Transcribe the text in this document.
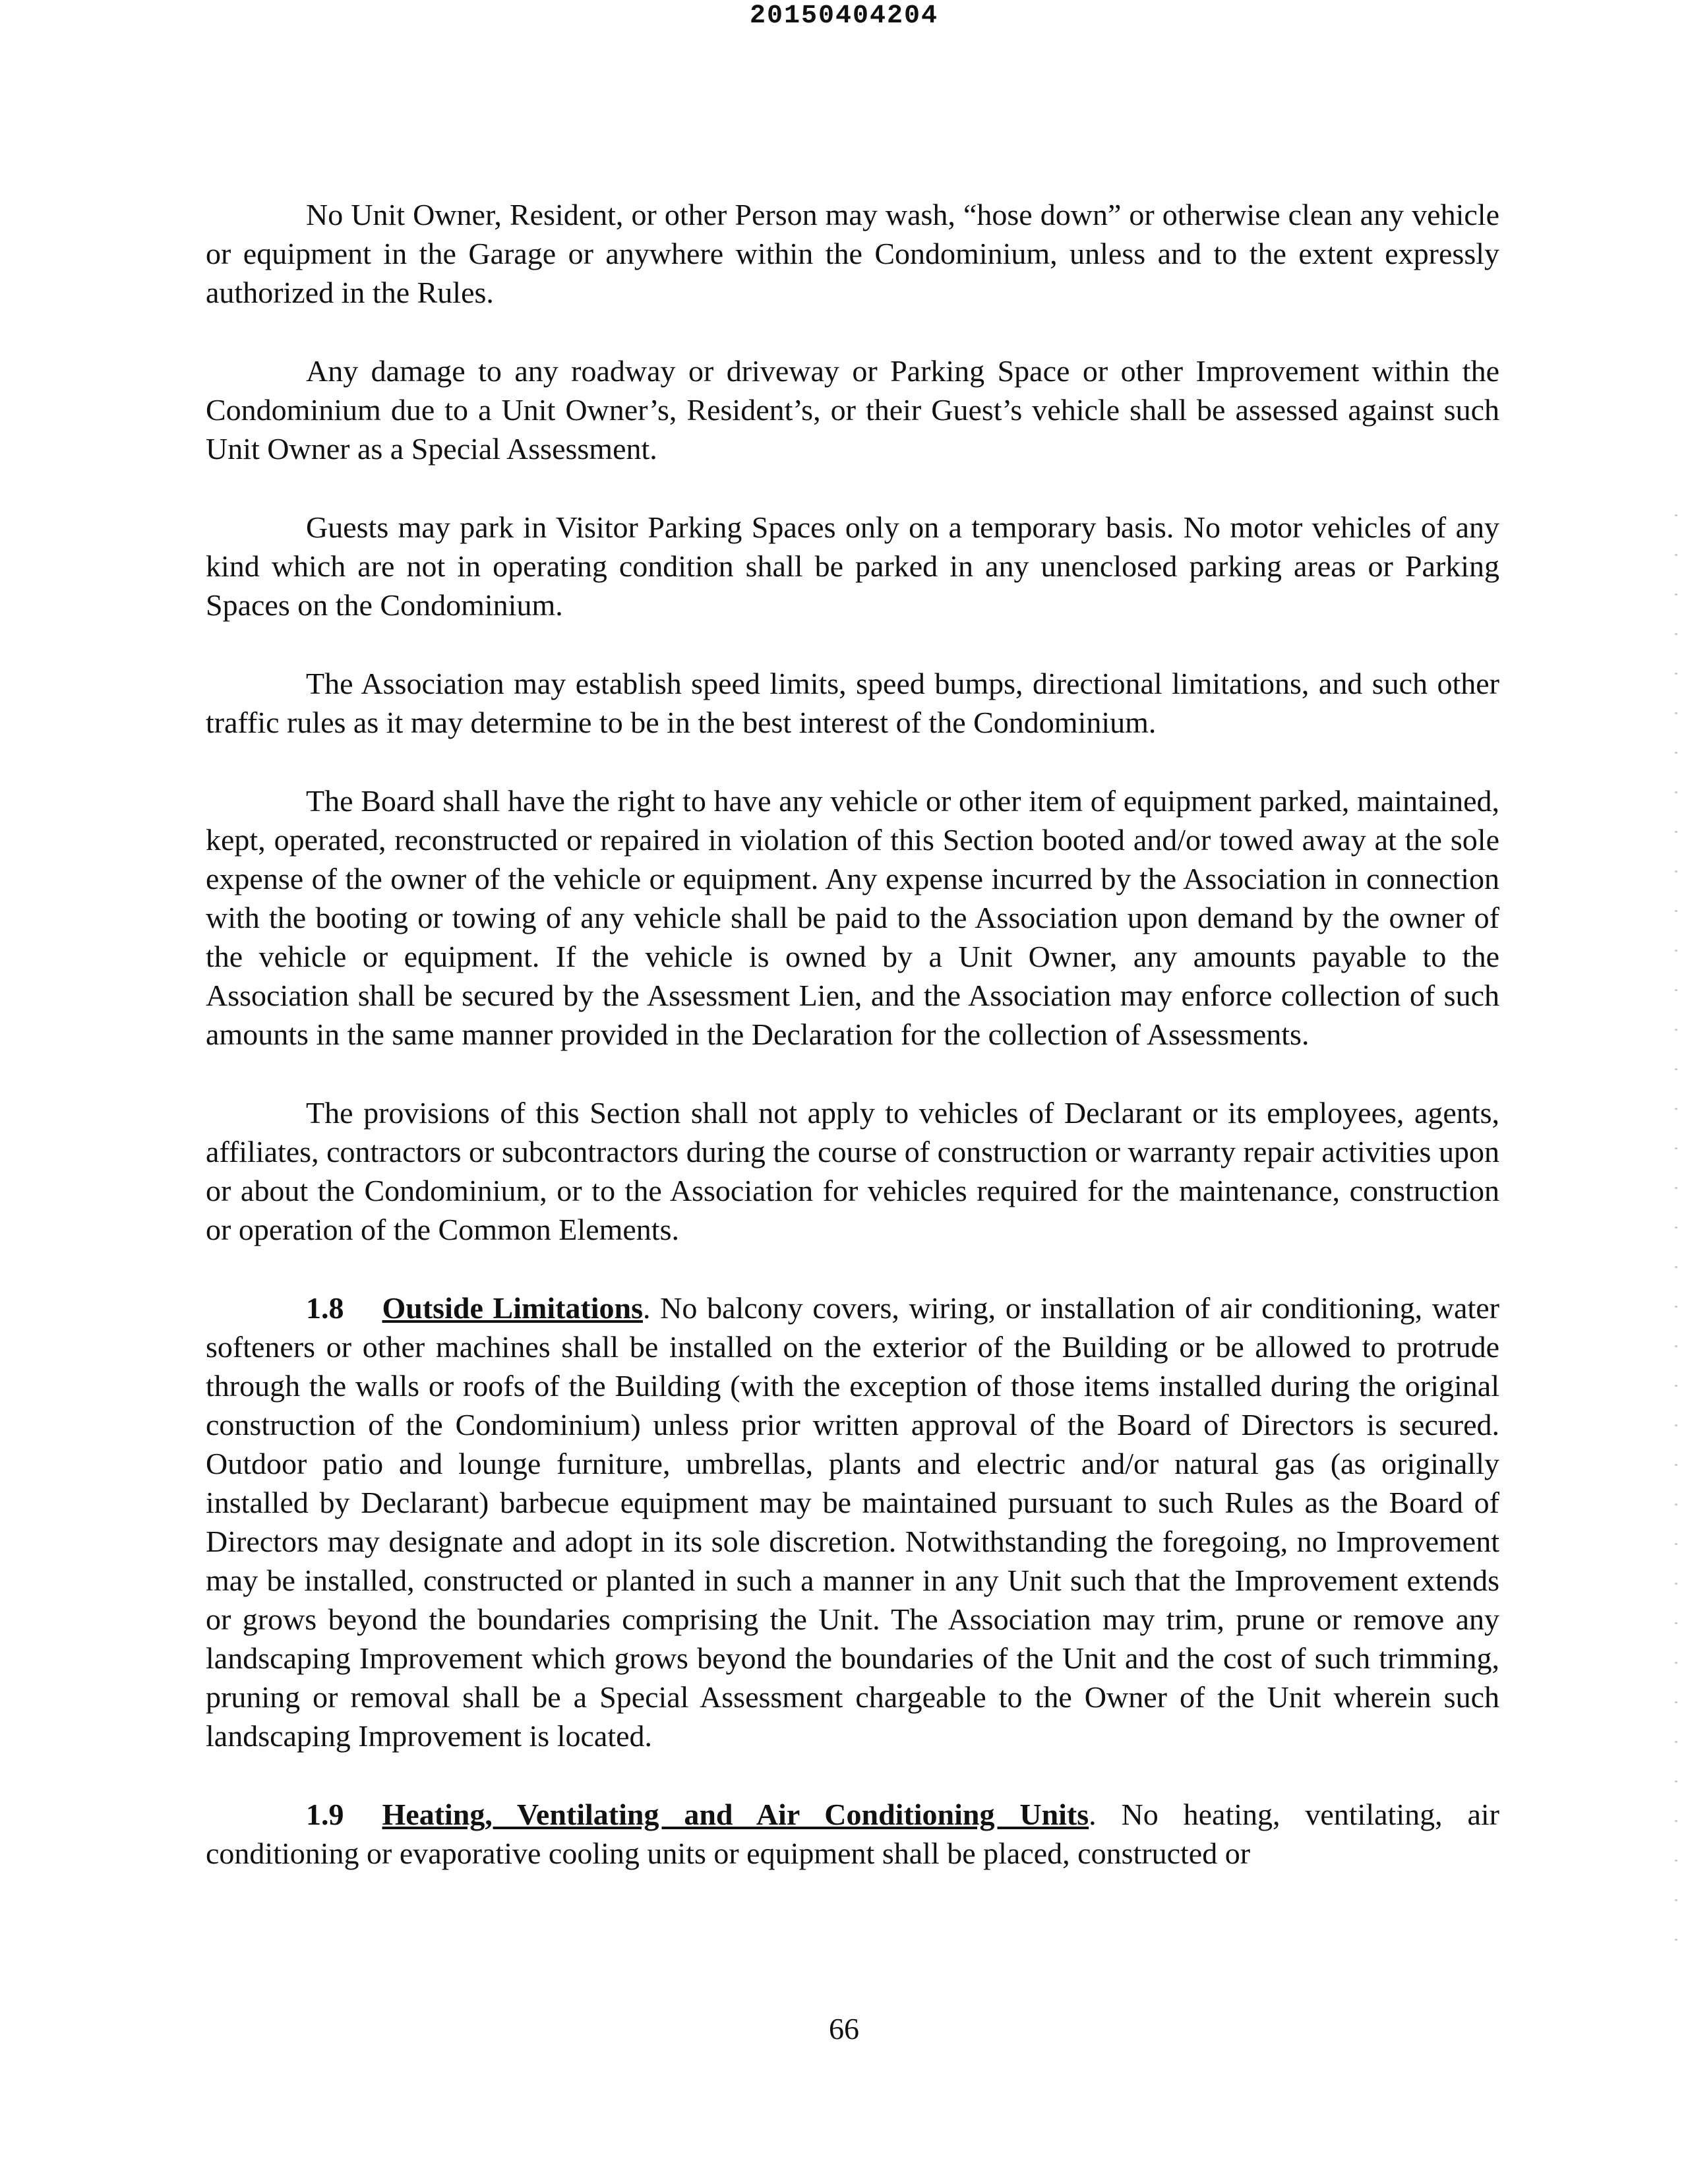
20150404204

No Unit Owner, Resident, or other Person may wash, “hose down” or otherwise clean any vehicle or equipment in the Garage or anywhere within the Condominium, unless and to the extent expressly authorized in the Rules.

Any damage to any roadway or driveway or Parking Space or other Improvement within the Condominium due to a Unit Owner’s, Resident’s, or their Guest’s vehicle shall be assessed against such Unit Owner as a Special Assessment.

Guests may park in Visitor Parking Spaces only on a temporary basis. No motor vehicles of any kind which are not in operating condition shall be parked in any unenclosed parking areas or Parking Spaces on the Condominium.

The Association may establish speed limits, speed bumps, directional limitations, and such other traffic rules as it may determine to be in the best interest of the Condominium.

The Board shall have the right to have any vehicle or other item of equipment parked, maintained, kept, operated, reconstructed or repaired in violation of this Section booted and/or towed away at the sole expense of the owner of the vehicle or equipment. Any expense incurred by the Association in connection with the booting or towing of any vehicle shall be paid to the Association upon demand by the owner of the vehicle or equipment. If the vehicle is owned by a Unit Owner, any amounts payable to the Association shall be secured by the Assessment Lien, and the Association may enforce collection of such amounts in the same manner provided in the Declaration for the collection of Assessments.

The provisions of this Section shall not apply to vehicles of Declarant or its employees, agents, affiliates, contractors or subcontractors during the course of construction or warranty repair activities upon or about the Condominium, or to the Association for vehicles required for the maintenance, construction or operation of the Common Elements.

1.8 Outside Limitations. No balcony covers, wiring, or installation of air conditioning, water softeners or other machines shall be installed on the exterior of the Building or be allowed to protrude through the walls or roofs of the Building (with the exception of those items installed during the original construction of the Condominium) unless prior written approval of the Board of Directors is secured. Outdoor patio and lounge furniture, umbrellas, plants and electric and/or natural gas (as originally installed by Declarant) barbecue equipment may be maintained pursuant to such Rules as the Board of Directors may designate and adopt in its sole discretion. Notwithstanding the foregoing, no Improvement may be installed, constructed or planted in such a manner in any Unit such that the Improvement extends or grows beyond the boundaries comprising the Unit. The Association may trim, prune or remove any landscaping Improvement which grows beyond the boundaries of the Unit and the cost of such trimming, pruning or removal shall be a Special Assessment chargeable to the Owner of the Unit wherein such landscaping Improvement is located.

1.9 Heating, Ventilating and Air Conditioning Units. No heating, ventilating, air conditioning or evaporative cooling units or equipment shall be placed, constructed or

66
